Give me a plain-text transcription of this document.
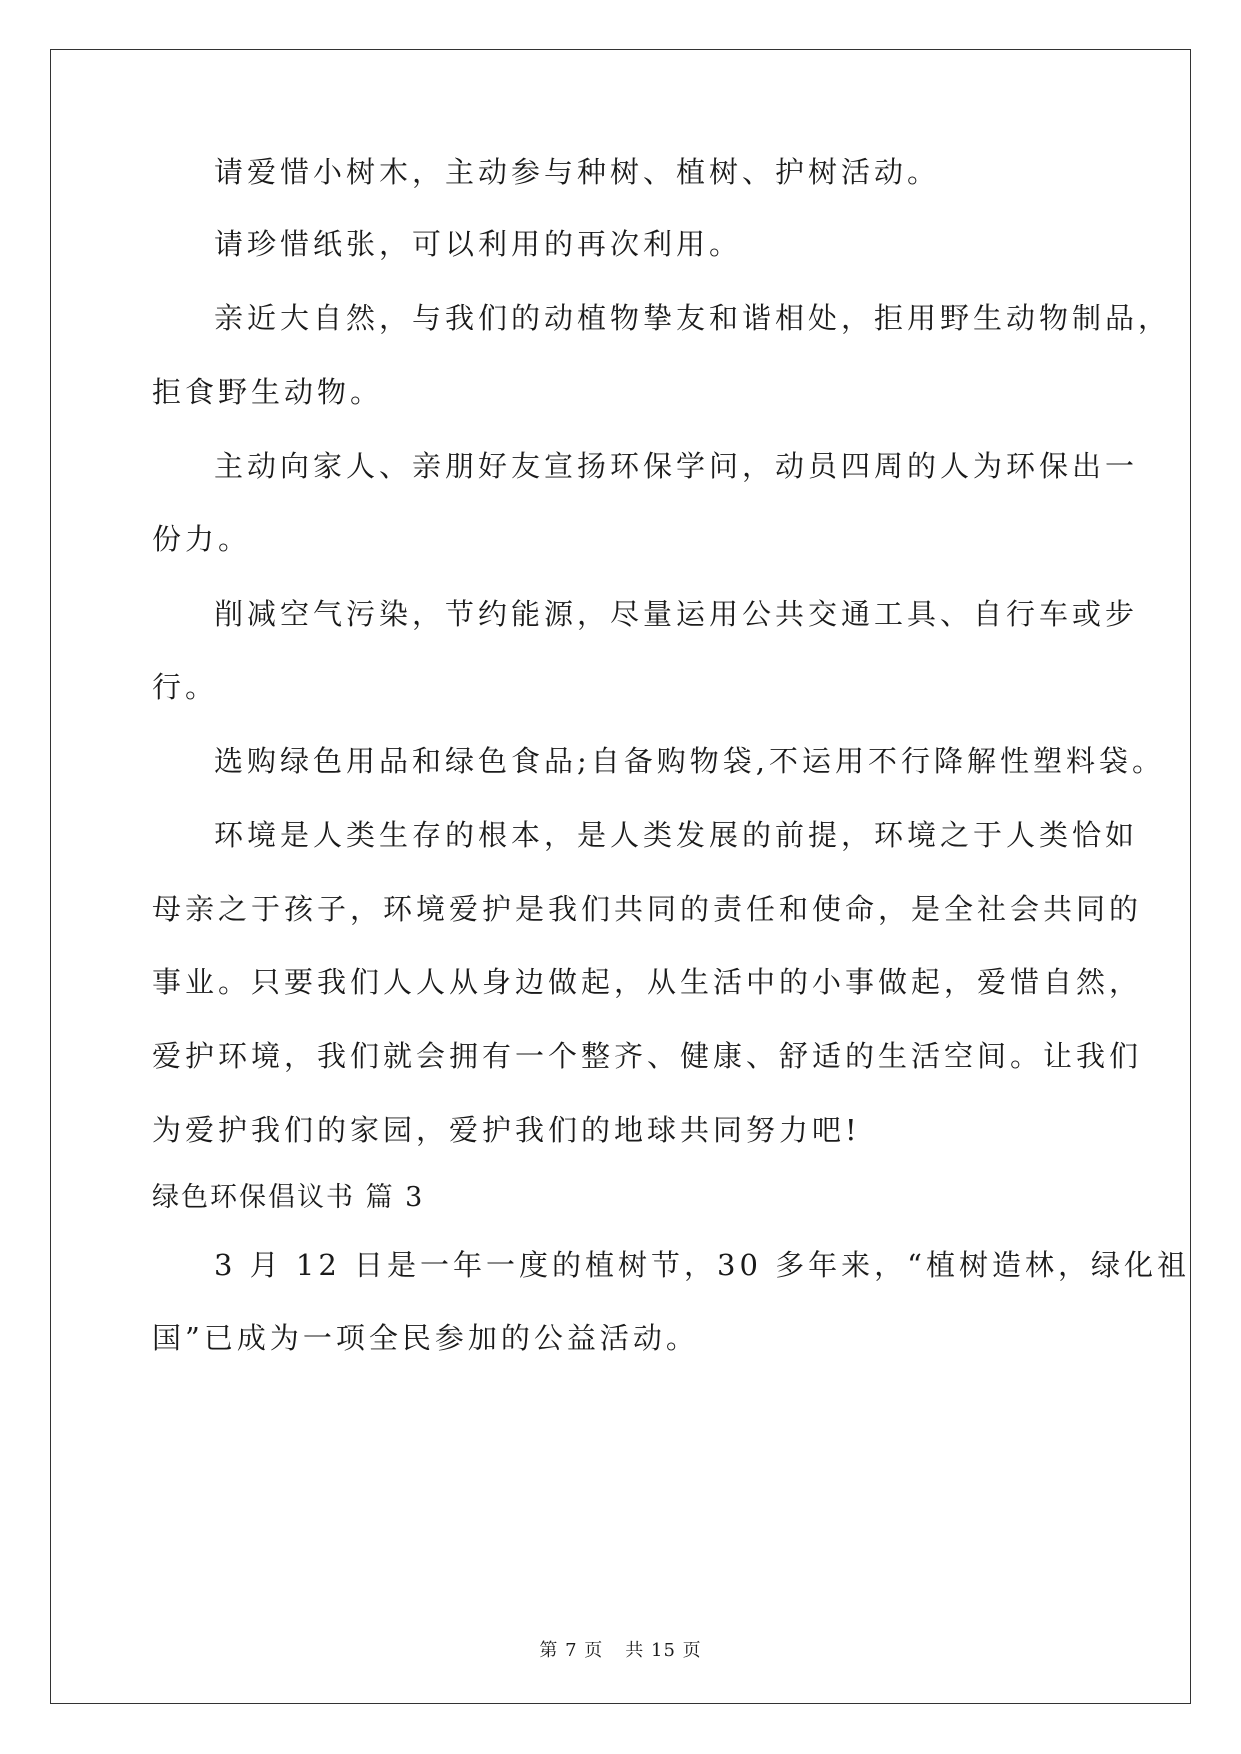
请爱惜小树木，主动参与种树、植树、护树活动。
请珍惜纸张，可以利用的再次利用。
亲近大自然，与我们的动植物挚友和谐相处，拒用野生动物制品，
拒食野生动物。
主动向家人、亲朋好友宣扬环保学问，动员四周的人为环保出一
份力。
削减空气污染，节约能源，尽量运用公共交通工具、自行车或步
行。
选购绿色用品和绿色食品;自备购物袋,不运用不行降解性塑料袋。
环境是人类生存的根本，是人类发展的前提，环境之于人类恰如
母亲之于孩子，环境爱护是我们共同的责任和使命，是全社会共同的
事业。只要我们人人从身边做起，从生活中的小事做起，爱惜自然，
爱护环境，我们就会拥有一个整齐、健康、舒适的生活空间。让我们
为爱护我们的家园，爱护我们的地球共同努力吧!
绿色环保倡议书 篇 3
3 月 12 日是一年一度的植树节，30 多年来，“植树造林，绿化祖
国”已成为一项全民参加的公益活动。
第 7 页 共 15 页
